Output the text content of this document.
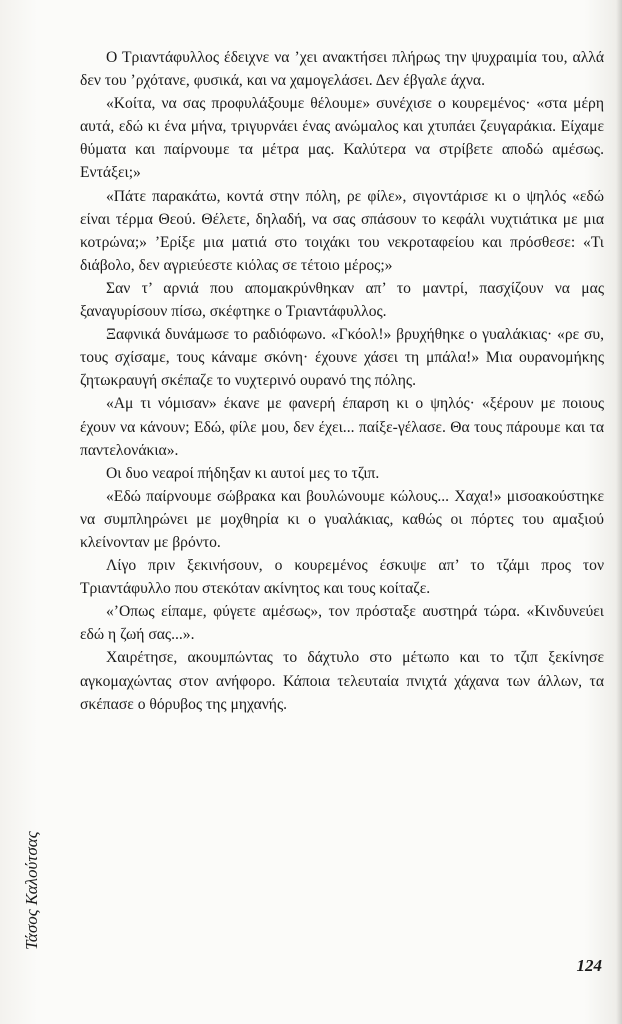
Ο Τριαντάφυλλος έδειχνε να ’χει ανακτήσει πλήρως την ψυχραιμία του, αλλά δεν του ’ρχότανε, φυσικά, και να χαμογελάσει. Δεν έβγαλε άχνα.

«Κοίτα, να σας προφυλάξουμε θέλουμε» συνέχισε ο κουρεμένος· «στα μέρη αυτά, εδώ κι ένα μήνα, τριγυρνάει ένας ανώμαλος και χτυπάει ζευγαράκια. Είχαμε θύματα και παίρνουμε τα μέτρα μας. Καλύτερα να στρίβετε αποδώ αμέσως. Εντάξει;»

«Πάτε παρακάτω, κοντά στην πόλη, ρε φίλε», σιγοντάρισε κι ο ψηλός «εδώ είναι τέρμα Θεού. Θέλετε, δηλαδή, να σας σπάσουν το κεφάλι νυχτιάτικα με μια κοτρώνα;» ’Ερίξε μια ματιά στο τοιχάκι του νεκροταφείου και πρόσθεσε: «Τι διάβολο, δεν αγριεύεστε κιόλας σε τέτοιο μέρος;»

Σαν τ’ αρνιά που απομακρύνθηκαν απ’ το μαντρί, πασχίζουν να μας ξαναγυρίσουν πίσω, σκέφτηκε ο Τριαντάφυλλος.

Ξαφνικά δυνάμωσε το ραδιόφωνο. «Γκόολ!» βρυχήθηκε ο γυαλάκιας· «ρε συ, τους σχίσαμε, τους κάναμε σκόνη· έχουνε χάσει τη μπάλα!» Μια ουρανομήκης ζητωκραυγή σκέπαζε το νυχτερινό ουρανό της πόλης.

«Αμ τι νόμισαν» έκανε με φανερή έπαρση κι ο ψηλός· «ξέρουν με ποιους έχουν να κάνουν; Εδώ, φίλε μου, δεν έχει... παίξε-γέλασε. Θα τους πάρουμε και τα παντελονάκια».

Οι δυο νεαροί πήδηξαν κι αυτοί μες το τζιπ.

«Εδώ παίρνουμε σώβρακα και βουλώνουμε κώλους... Χαχα!» μισοακούστηκε να συμπληρώνει με μοχθηρία κι ο γυαλάκιας, καθώς οι πόρτες του αμαξιού κλείνονταν με βρόντο.

Λίγο πριν ξεκινήσουν, ο κουρεμένος έσκυψε απ’ το τζάμι προς τον Τριαντάφυλλο που στεκόταν ακίνητος και τους κοίταζε.

«’Οπως είπαμε, φύγετε αμέσως», τον πρόσταξε αυστηρά τώρα. «Κινδυνεύει εδώ η ζωή σας...».

Χαιρέτησε, ακουμπώντας το δάχτυλο στο μέτωπο και το τζιπ ξεκίνησε αγκομαχώντας στον ανήφορο. Κάποια τελευταία πνιχτά χάχανα των άλλων, τα σκέπασε ο θόρυβος της μηχανής.

Τάσος Καλούτσας
124
